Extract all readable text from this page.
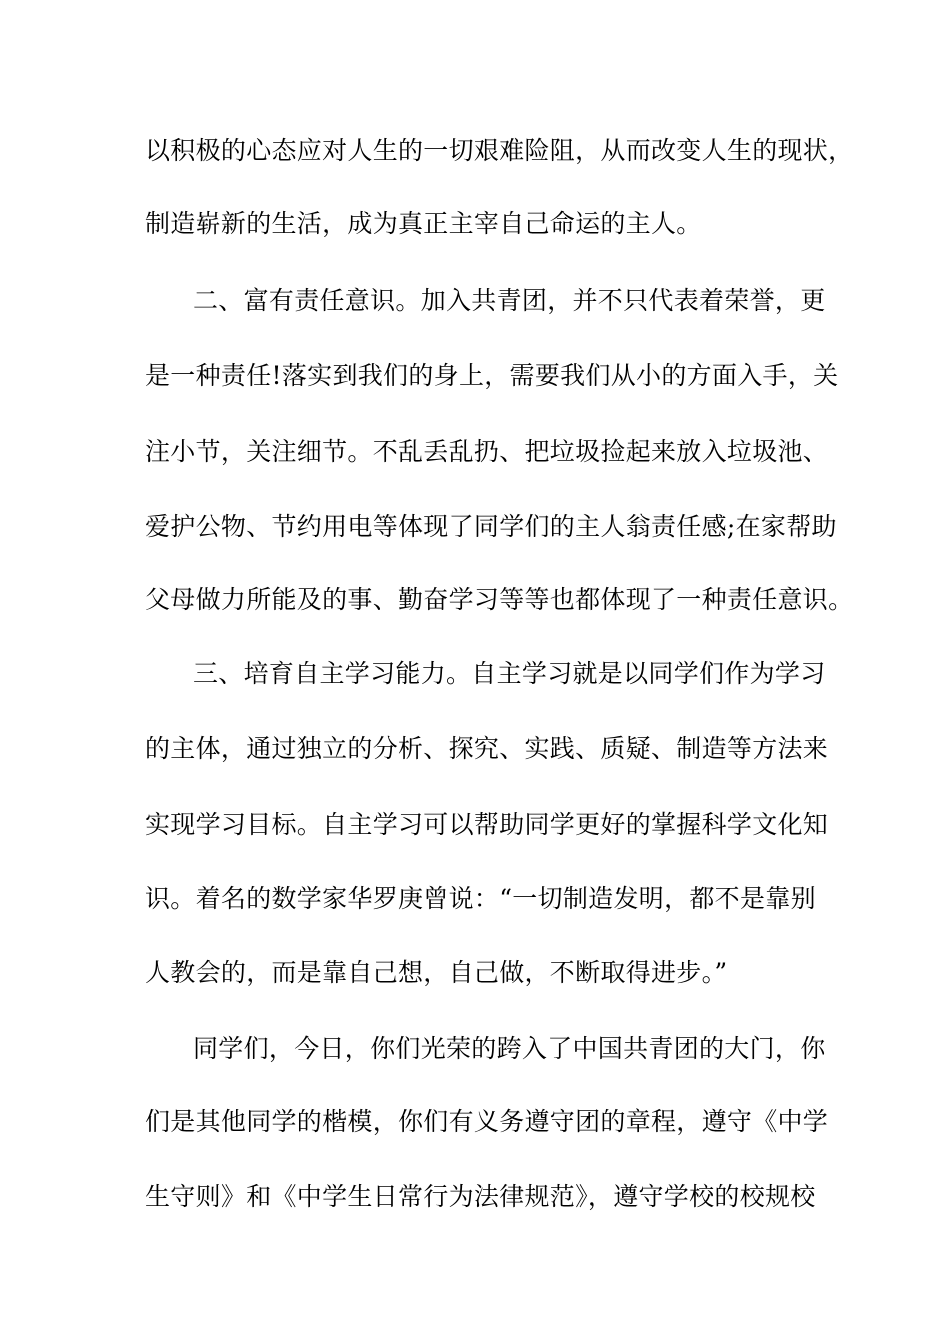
以积极的心态应对人生的一切艰难险阻，从而改变人生的现状，
制造崭新的生活，成为真正主宰自己命运的主人。
二、富有责任意识。加入共青团，并不只代表着荣誉，更
是一种责任!落实到我们的身上，需要我们从小的方面入手，关
注小节，关注细节。不乱丢乱扔、把垃圾捡起来放入垃圾池、
爱护公物、节约用电等体现了同学们的主人翁责任感;在家帮助
父母做力所能及的事、勤奋学习等等也都体现了一种责任意识。
三、培育自主学习能力。自主学习就是以同学们作为学习
的主体，通过独立的分析、探究、实践、质疑、制造等方法来
实现学习目标。自主学习可以帮助同学更好的掌握科学文化知
识。着名的数学家华罗庚曾说：“一切制造发明，都不是靠别
人教会的，而是靠自己想，自己做，不断取得进步。”
同学们，今日，你们光荣的跨入了中国共青团的大门，你
们是其他同学的楷模，你们有义务遵守团的章程，遵守《中学
生守则》和《中学生日常行为法律规范》，遵守学校的校规校
